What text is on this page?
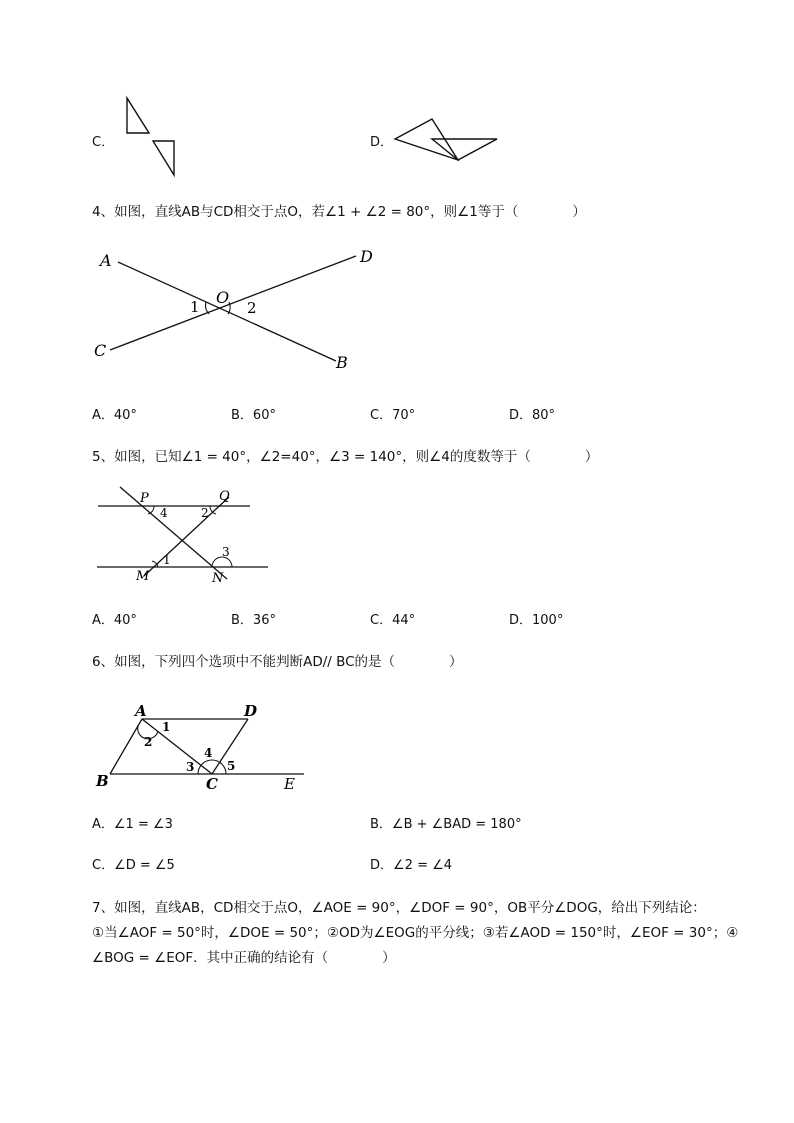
C．	D．
4、如图，直线AB与CD相交于点O，若∠1 + ∠2 = 80°，则∠1等于（　　　　）
A	D
C
B
O
1	2
A．40°	B．60°	C．70°	D．80°
5、如图，已知∠1 = 40°，∠2=40°，∠3 = 140°，则∠4的度数等于（　　　　）
P	Q
M	N
4	2
1
3
A．40°	B．36°	C．44°	D．100°
6、如图，下列四个选项中不能判断AD// BC的是（　　　　）
A	D
B	C	E
1
2
3
4
5
A．∠1 = ∠3	B．∠B + ∠BAD = 180°
C．∠D = ∠5	D．∠2 = ∠4
7、如图，直线AB，CD相交于点O，∠AOE = 90°，∠DOF = 90°，OB平分∠DOG，给出下列结论：
①当∠AOF = 50°时，∠DOE = 50°；②OD为∠EOG的平分线；③若∠AOD = 150°时，∠EOF = 30°；④
∠BOG = ∠EOF．其中正确的结论有（　　　　）
